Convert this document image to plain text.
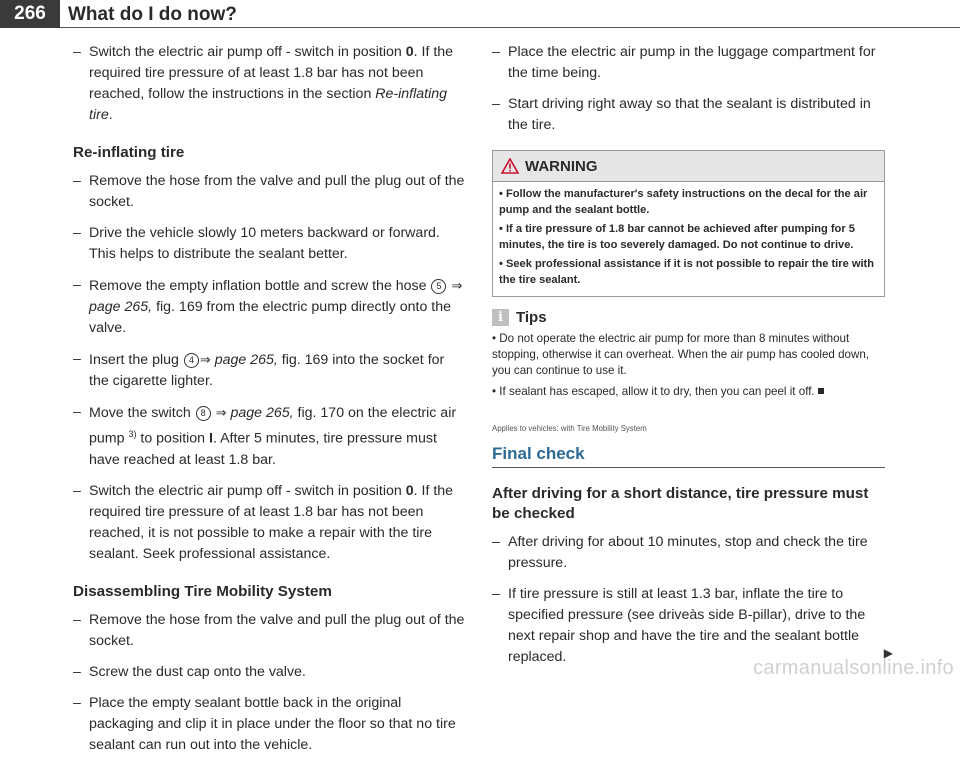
266	What do I do now?
– Switch the electric air pump off - switch in position 0. If the required tire pressure of at least 1.8 bar has not been reached, follow the instructions in the section Re-inflating tire.
Re-inflating tire
– Remove the hose from the valve and pull the plug out of the socket.
– Drive the vehicle slowly 10 meters backward or forward. This helps to distribute the sealant better.
– Remove the empty inflation bottle and screw the hose 5 ⇒ page 265, fig. 169 from the electric pump directly onto the valve.
– Insert the plug 4 ⇒ page 265, fig. 169 into the socket for the cigarette lighter.
– Move the switch 8 ⇒ page 265, fig. 170 on the electric air pump $^{3)}$ to position I. After 5 minutes, tire pressure must have reached at least 1.8 bar.
– Switch the electric air pump off - switch in position 0. If the required tire pressure of at least 1.8 bar has not been reached, it is not possible to make a repair with the tire sealant. Seek professional assistance.
Disassembling Tire Mobility System
– Remove the hose from the valve and pull the plug out of the socket.
– Screw the dust cap onto the valve.
– Place the empty sealant bottle back in the original packaging and clip it in place under the floor so that no tire sealant can run out into the vehicle.
– Place the electric air pump in the luggage compartment for the time being.
– Start driving right away so that the sealant is distributed in the tire.
WARNING

• Follow the manufacturer's safety instructions on the decal for the air pump and the sealant bottle.

• If a tire pressure of 1.8 bar cannot be achieved after pumping for 5 minutes, the tire is too severely damaged. Do not continue to drive.

• Seek professional assistance if it is not possible to repair the tire with the tire sealant.

i Tips

• Do not operate the electric air pump for more than 8 minutes without stopping, otherwise it can overheat. When the air pump has cooled down, you can continue to use it.

• If sealant has escaped, allow it to dry, then you can peel it off.

Applies to vehicles: with Tire Mobility System
Final check
After driving for a short distance, tire pressure must be checked
– After driving for about 10 minutes, stop and check the tire pressure.
– If tire pressure is still at least 1.3 bar, inflate the tire to specified pressure (see driveàs side B-pillar), drive to the next repair shop and have the tire and the sealant bottle replaced.	▶
carmanualsonline.info
